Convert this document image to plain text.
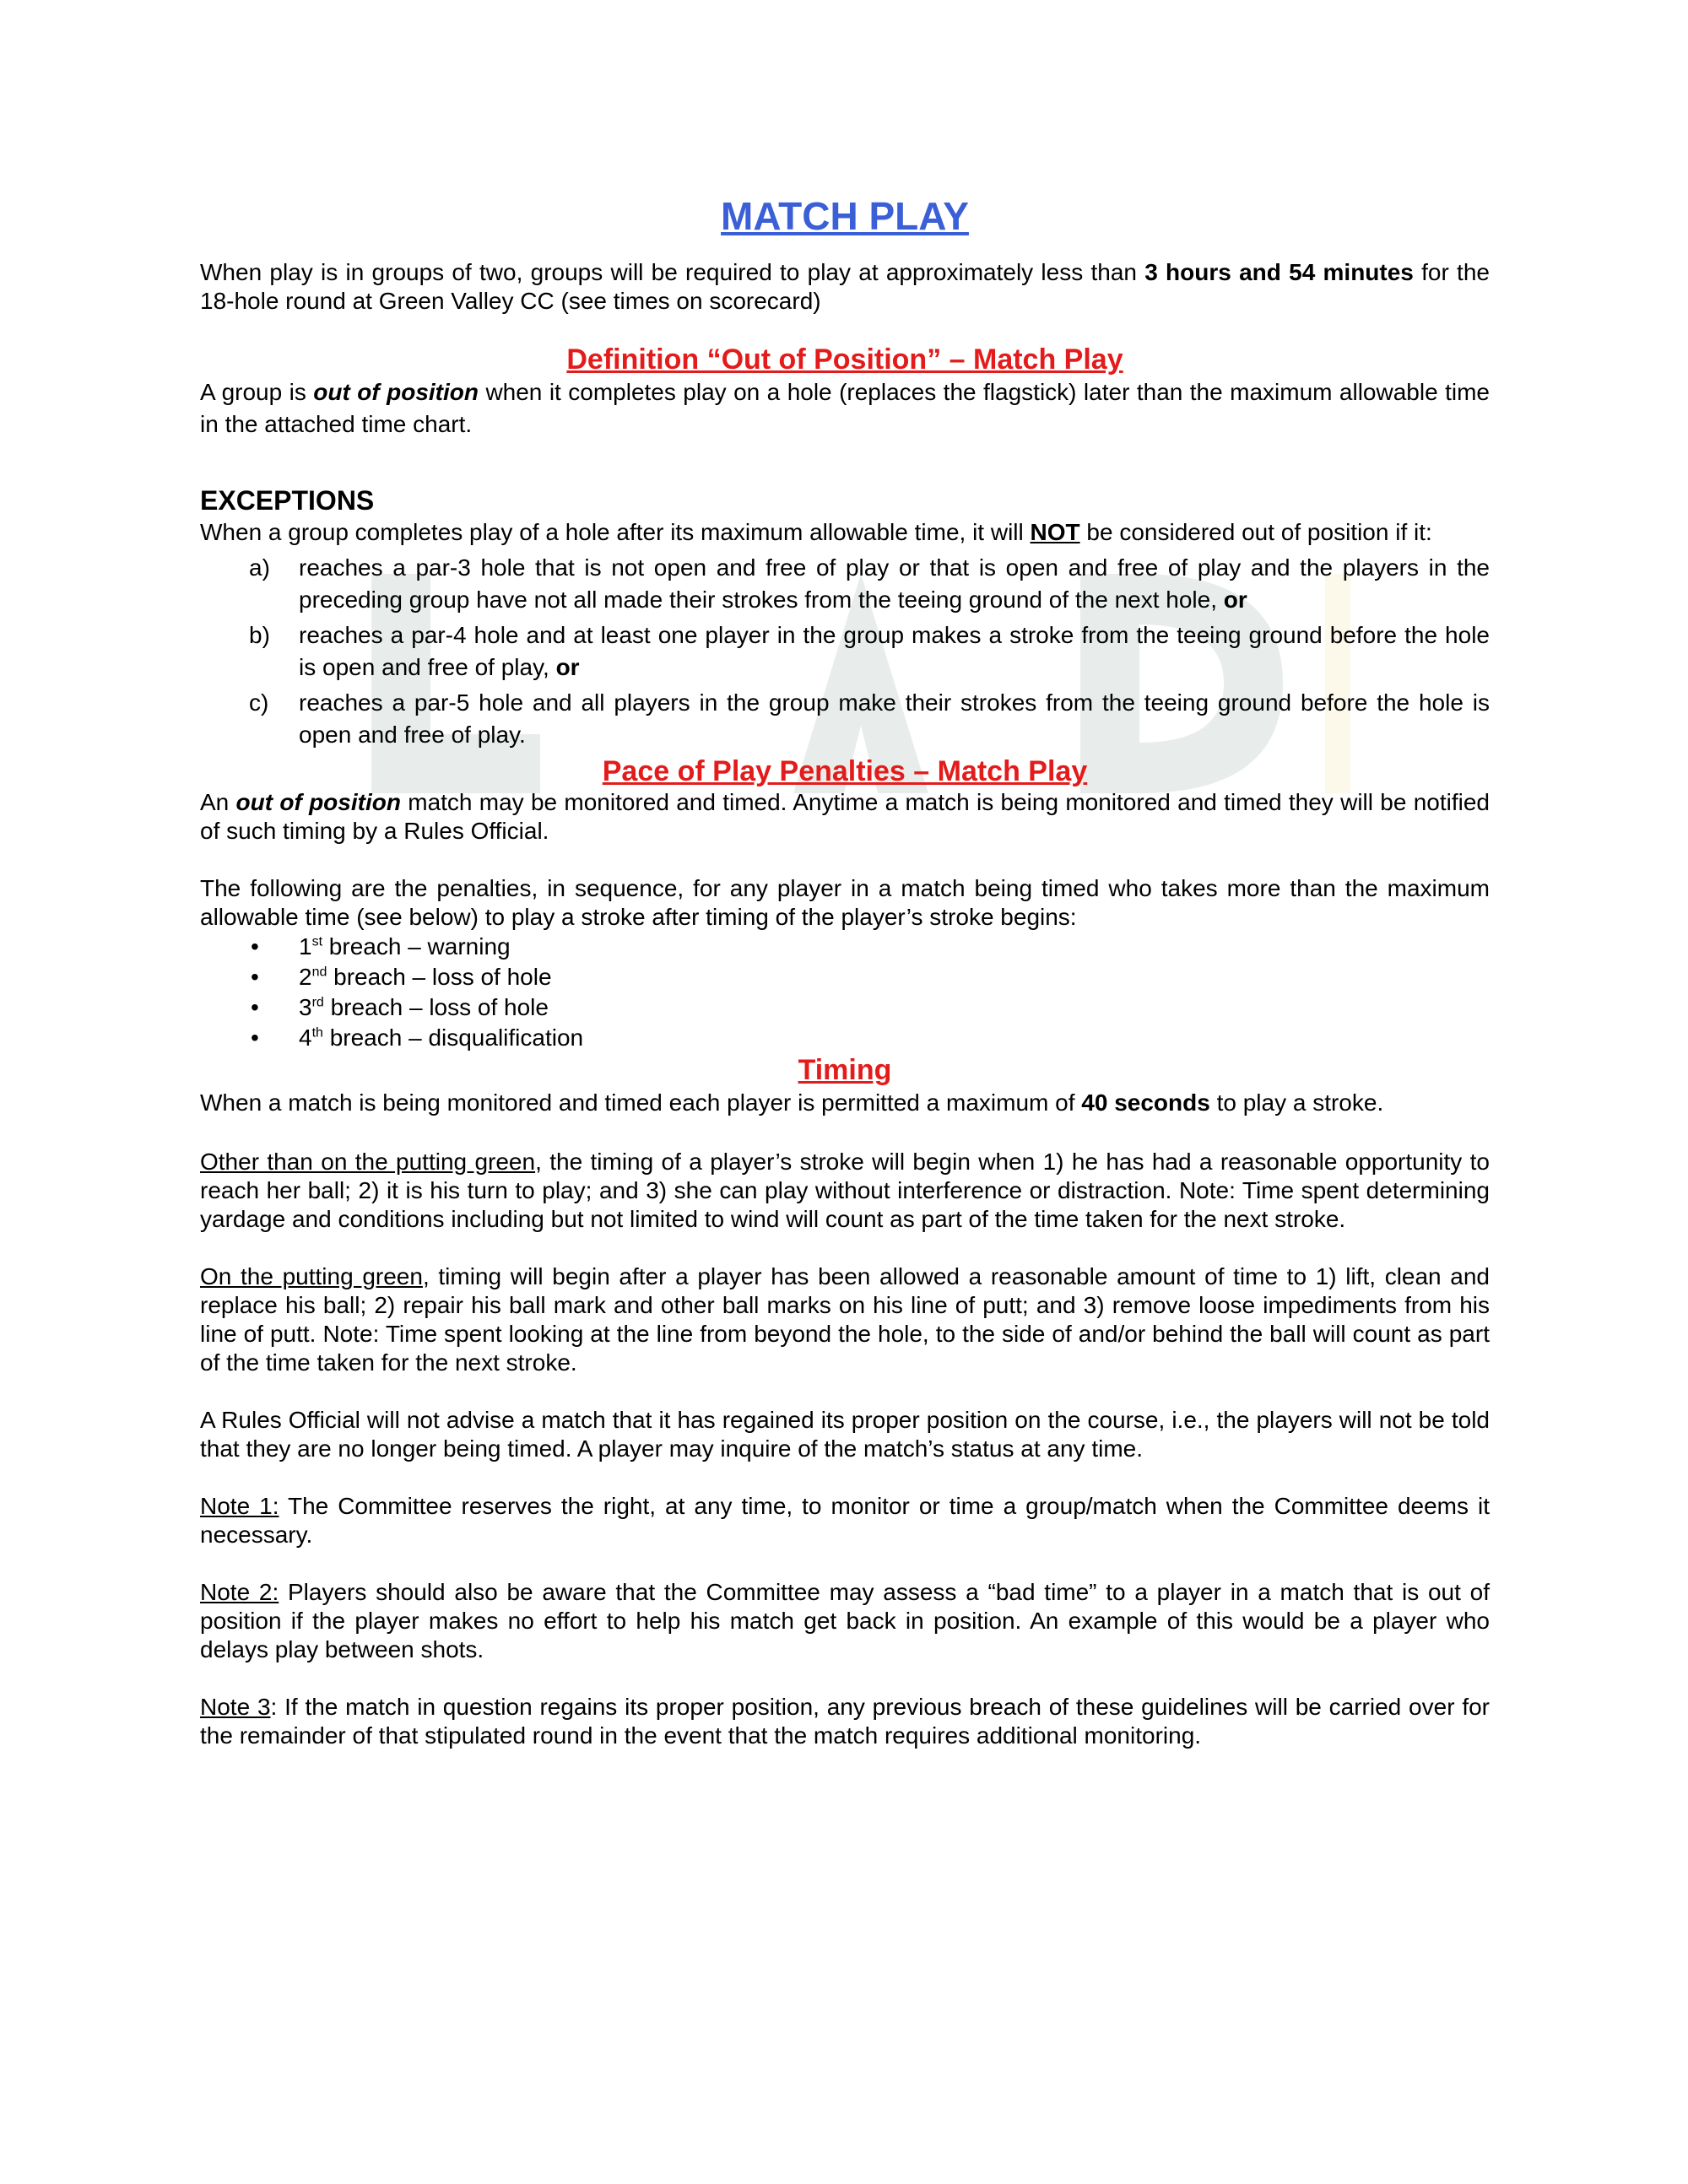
MATCH PLAY

When play is in groups of two, groups will be required to play at approximately less than 3 hours and 54 minutes for the 18-hole round at Green Valley CC (see times on scorecard)

Definition “Out of Position” – Match Play

A group is out of position when it completes play on a hole (replaces the flagstick) later than the maximum allowable time in the attached time chart.

EXCEPTIONS

When a group completes play of a hole after its maximum allowable time, it will NOT be considered out of position if it:

a) reaches a par-3 hole that is not open and free of play or that is open and free of play and the players in the preceding group have not all made their strokes from the teeing ground of the next hole, or
b) reaches a par-4 hole and at least one player in the group makes a stroke from the teeing ground before the hole is open and free of play, or
c) reaches a par-5 hole and all players in the group make their strokes from the teeing ground before the hole is open and free of play.

Pace of Play Penalties – Match Play

An out of position match may be monitored and timed. Anytime a match is being monitored and timed they will be notified of such timing by a Rules Official.

The following are the penalties, in sequence, for any player in a match being timed who takes more than the maximum allowable time (see below) to play a stroke after timing of the player’s stroke begins:

• 1st breach – warning
• 2nd breach – loss of hole
• 3rd breach – loss of hole
• 4th breach – disqualification

Timing

When a match is being monitored and timed each player is permitted a maximum of 40 seconds to play a stroke.

Other than on the putting green, the timing of a player’s stroke will begin when 1) he has had a reasonable opportunity to reach her ball; 2) it is his turn to play; and 3) she can play without interference or distraction. Note: Time spent determining yardage and conditions including but not limited to wind will count as part of the time taken for the next stroke.

On the putting green, timing will begin after a player has been allowed a reasonable amount of time to 1) lift, clean and replace his ball; 2) repair his ball mark and other ball marks on his line of putt; and 3) remove loose impediments from his line of putt. Note: Time spent looking at the line from beyond the hole, to the side of and/or behind the ball will count as part of the time taken for the next stroke.

A Rules Official will not advise a match that it has regained its proper position on the course, i.e., the players will not be told that they are no longer being timed. A player may inquire of the match’s status at any time.

Note 1: The Committee reserves the right, at any time, to monitor or time a group/match when the Committee deems it necessary.

Note 2: Players should also be aware that the Committee may assess a “bad time” to a player in a match that is out of position if the player makes no effort to help his match get back in position. An example of this would be a player who delays play between shots.

Note 3: If the match in question regains its proper position, any previous breach of these guidelines will be carried over for the remainder of that stipulated round in the event that the match requires additional monitoring.
